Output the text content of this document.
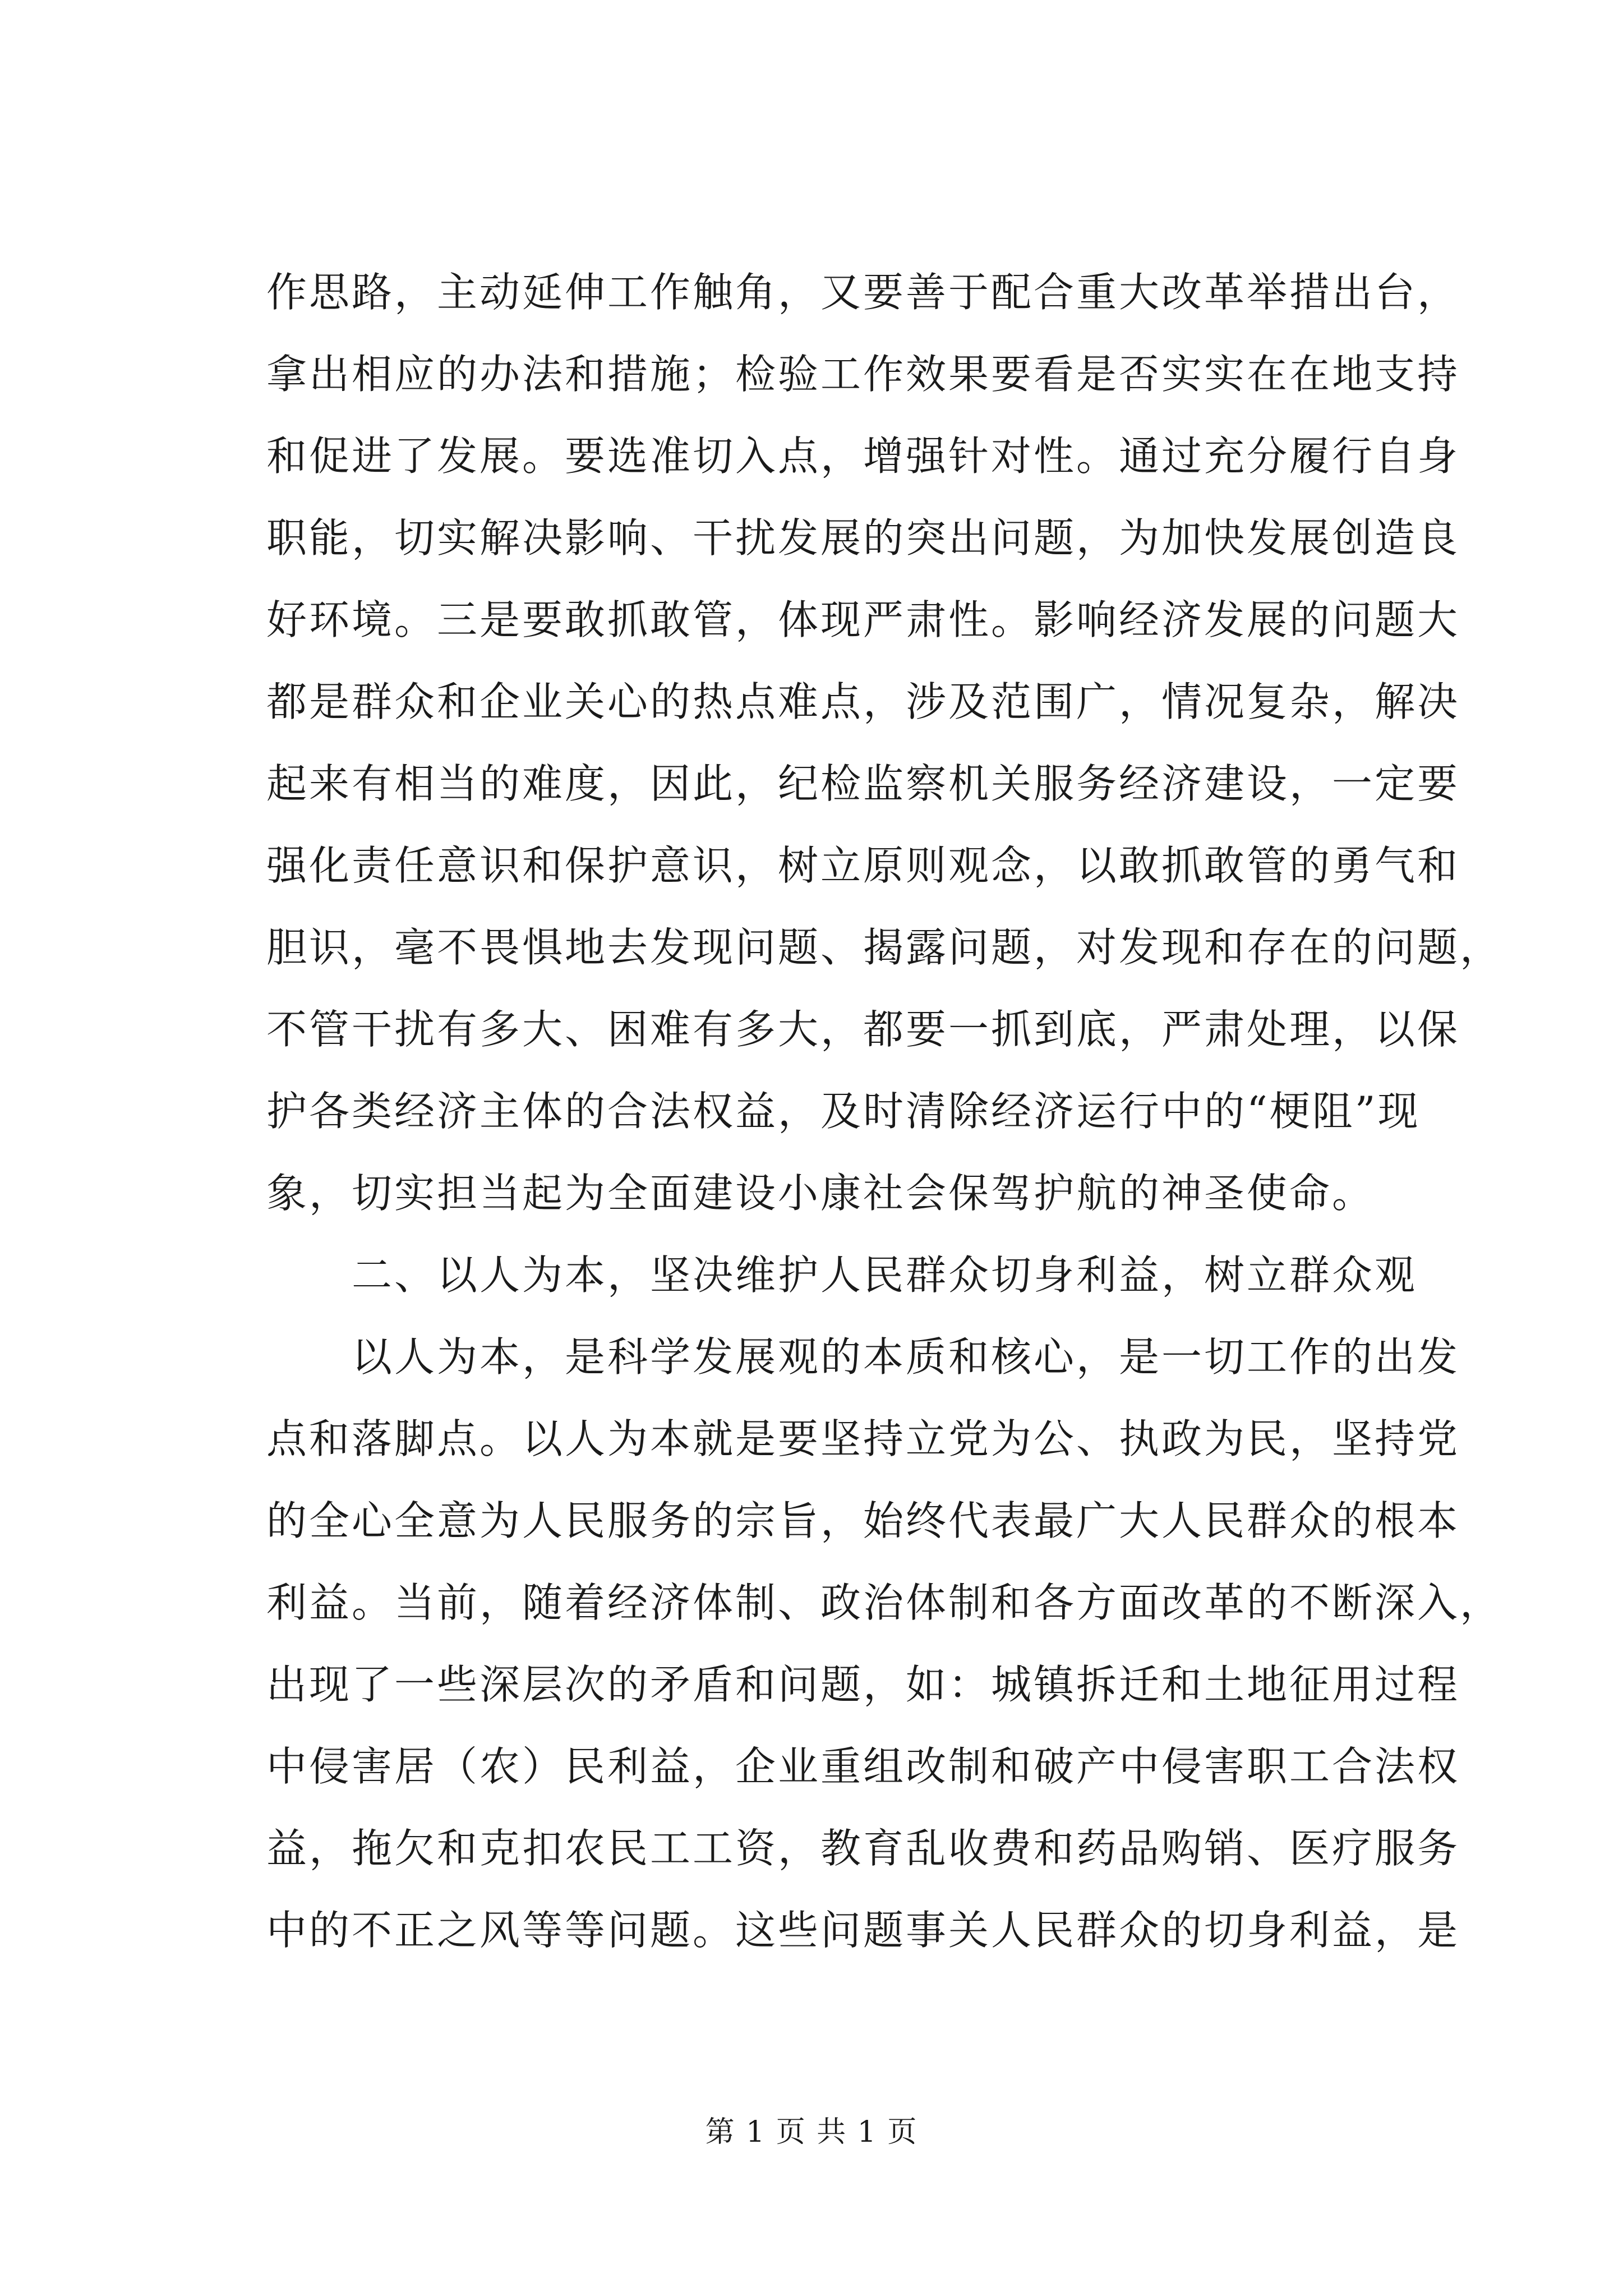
作思路，主动延伸工作触角，又要善于配合重大改革举措出台，
拿出相应的办法和措施；检验工作效果要看是否实实在在地支持
和促进了发展。要选准切入点，增强针对性。通过充分履行自身
职能，切实解决影响、干扰发展的突出问题，为加快发展创造良
好环境。三是要敢抓敢管，体现严肃性。影响经济发展的问题大
都是群众和企业关心的热点难点，涉及范围广，情况复杂，解决
起来有相当的难度，因此，纪检监察机关服务经济建设，一定要
强化责任意识和保护意识，树立原则观念，以敢抓敢管的勇气和
胆识，毫不畏惧地去发现问题、揭露问题，对发现和存在的问题，
不管干扰有多大、困难有多大，都要一抓到底，严肃处理，以保
护各类经济主体的合法权益，及时清除经济运行中的“梗阻”现
象，切实担当起为全面建设小康社会保驾护航的神圣使命。
　　二、以人为本，坚决维护人民群众切身利益，树立群众观
　　以人为本，是科学发展观的本质和核心，是一切工作的出发
点和落脚点。以人为本就是要坚持立党为公、执政为民，坚持党
的全心全意为人民服务的宗旨，始终代表最广大人民群众的根本
利益。当前，随着经济体制、政治体制和各方面改革的不断深入，
出现了一些深层次的矛盾和问题，如：城镇拆迁和土地征用过程
中侵害居（农）民利益，企业重组改制和破产中侵害职工合法权
益，拖欠和克扣农民工工资，教育乱收费和药品购销、医疗服务
中的不正之风等等问题。这些问题事关人民群众的切身利益，是
第 1 页 共 1 页
